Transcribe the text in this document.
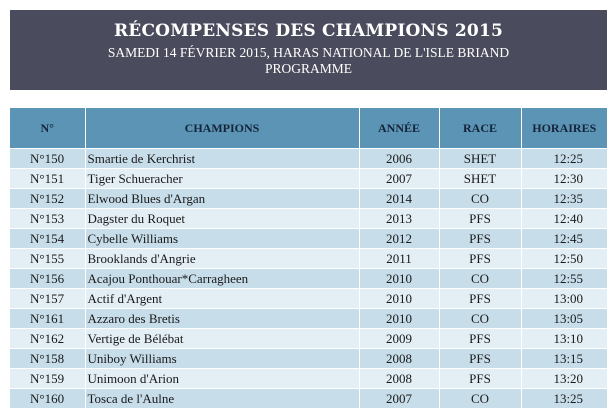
RÉCOMPENSES DES CHAMPIONS 2015
SAMEDI 14 FÉVRIER 2015, HARAS NATIONAL DE L'ISLE BRIAND
PROGRAMME
N°	CHAMPIONS	ANNÉE	RACE	HORAIRES
N°150	Smartie de Kerchrist	2006	SHET	12:25
N°151	Tiger Schueracher	2007	SHET	12:30
N°152	Elwood Blues d'Argan	2014	CO	12:35
N°153	Dagster du Roquet	2013	PFS	12:40
N°154	Cybelle Williams	2012	PFS	12:45
N°155	Brooklands d'Angrie	2011	PFS	12:50
N°156	Acajou Ponthouar*Carragheen	2010	CO	12:55
N°157	Actif d'Argent	2010	PFS	13:00
N°161	Azzaro des Bretis	2010	CO	13:05
N°162	Vertige de Bélébat	2009	PFS	13:10
N°158	Uniboy Williams	2008	PFS	13:15
N°159	Unimoon d'Arion	2008	PFS	13:20
N°160	Tosca de l'Aulne	2007	CO	13:25
